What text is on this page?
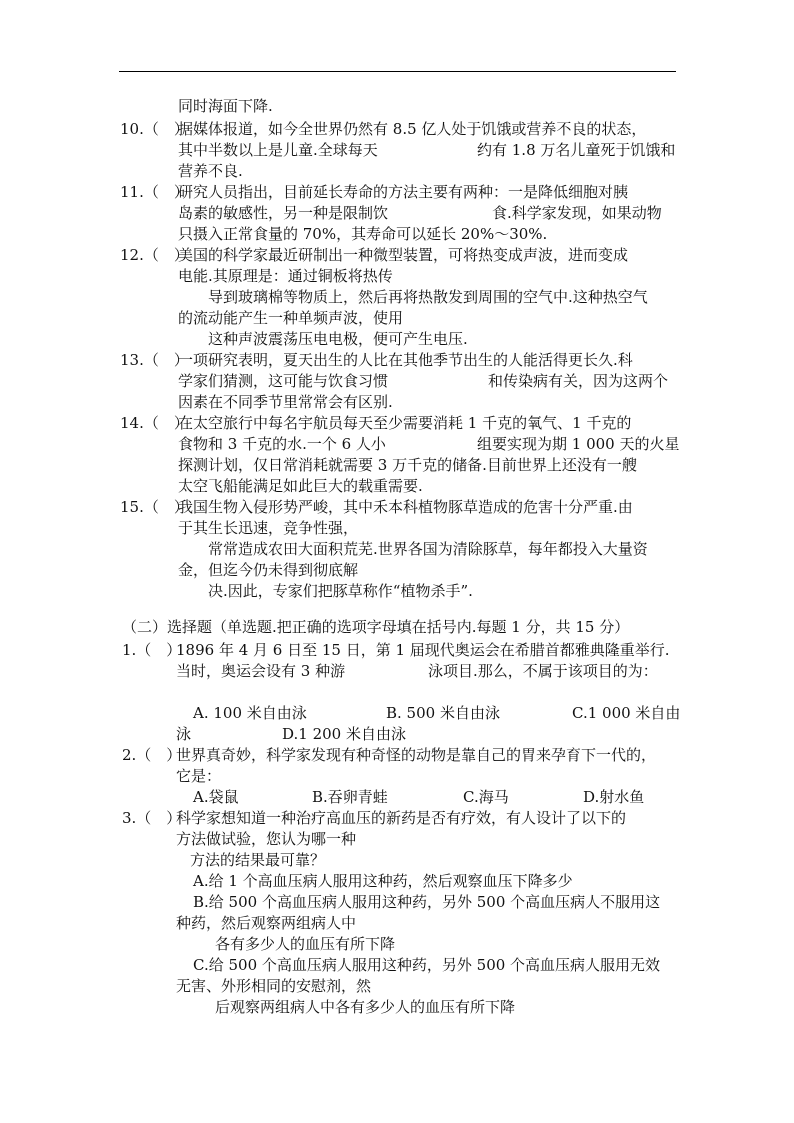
同时海面下降.
10.（　）
据媒体报道，如今全世界仍然有 8.5 亿人处于饥饿或营养不良的状态，
其中半数以上是儿童.全球每天	约有 1.8 万名儿童死于饥饿和
营养不良.
11.（　）
研究人员指出，目前延长寿命的方法主要有两种：一是降低细胞对胰
岛素的敏感性，另一种是限制饮	食.科学家发现，如果动物
只摄入正常食量的 70%，其寿命可以延长 20%～30%.
12.（　）
美国的科学家最近研制出一种微型装置，可将热变成声波，进而变成
电能.其原理是：通过铜板将热传
导到玻璃棉等物质上，然后再将热散发到周围的空气中.这种热空气
的流动能产生一种单频声波，使用
这种声波震荡压电电极，便可产生电压.
13.（　）
一项研究表明，夏天出生的人比在其他季节出生的人能活得更长久.科
学家们猜测，这可能与饮食习惯	和传染病有关，因为这两个
因素在不同季节里常常会有区别.
14.（　）
在太空旅行中每名宇航员每天至少需要消耗 1 千克的氧气、1 千克的
食物和 3 千克的水.一个 6 人小	组要实现为期 1 000 天的火星
探测计划，仅日常消耗就需要 3 万千克的储备.目前世界上还没有一艘
太空飞船能满足如此巨大的载重需要.
15.（　）
我国生物入侵形势严峻，其中禾本科植物豚草造成的危害十分严重.由
于其生长迅速，竞争性强，
常常造成农田大面积荒芜.世界各国为清除豚草，每年都投入大量资
金，但迄今仍未得到彻底解
决.因此，专家们把豚草称作“植物杀手”.
（二）选择题（单选题.把正确的选项字母填在括号内.每题 1 分，共 15 分）
1.（　）
1896 年 4 月 6 日至 15 日，第 1 届现代奥运会在希腊首都雅典隆重举行.
当时，奥运会设有 3 种游	泳项目.那么，不属于该项目的为：
A. 100 米自由泳	B. 500 米自由泳	C.1 000 米自由
泳	D.1 200 米自由泳
2.（　）
世界真奇妙，科学家发现有种奇怪的动物是靠自己的胃来孕育下一代的，
它是：
A.袋鼠	B.吞卵青蛙	C.海马	D.射水鱼
3.（　）
科学家想知道一种治疗高血压的新药是否有疗效，有人设计了以下的
方法做试验，您认为哪一种
方法的结果最可靠？
A.给 1 个高血压病人服用这种药，然后观察血压下降多少
B.给 500 个高血压病人服用这种药，另外 500 个高血压病人不服用这
种药，然后观察两组病人中
各有多少人的血压有所下降
C.给 500 个高血压病人服用这种药，另外 500 个高血压病人服用无效
无害、外形相同的安慰剂，然
后观察两组病人中各有多少人的血压有所下降
